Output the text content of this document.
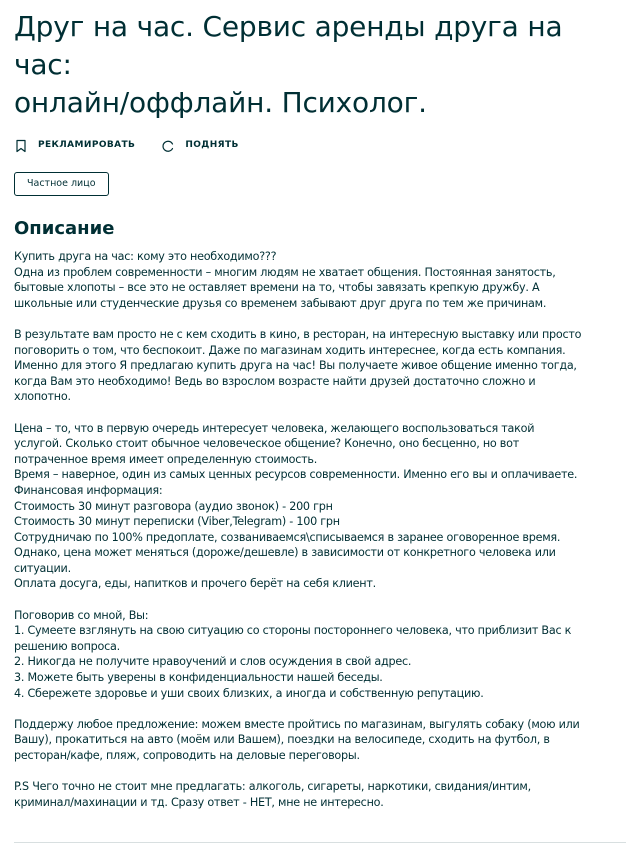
Друг на час. Сервис аренды друга на час:
онлайн/оффлайн. Психолог.
РЕКЛАМИРОВАТЬ	ПОДНЯТЬ
Частное лицо
Описание
Купить друга на час: кому это необходимо???
Одна из проблем современности – многим людям не хватает общения. Постоянная занятость,
бытовые хлопоты – все это не оставляет времени на то, чтобы завязать крепкую дружбу. А
школьные или студенческие друзья со временем забывают друг друга по тем же причинам.
В результате вам просто не с кем сходить в кино, в ресторан, на интересную выставку или просто
поговорить о том, что беспокоит. Даже по магазинам ходить интереснее, когда есть компания.
Именно для этого Я предлагаю купить друга на час! Вы получаете живое общение именно тогда,
когда Вам это необходимо! Ведь во взрослом возрасте найти друзей достаточно сложно и
хлопотно.
Цена – то, что в первую очередь интересует человека, желающего воспользоваться такой
услугой. Сколько стоит обычное человеческое общение? Конечно, оно бесценно, но вот
потраченное время имеет определенную стоимость.
Время – наверное, один из самых ценных ресурсов современности. Именно его вы и оплачиваете.
Финансовая информация:
Стоимость 30 минут разговора (аудио звонок) - 200 грн
Стоимость 30 минут переписки (Viber,Telegram) - 100 грн
Сотрудничаю по 100% предоплате, созваниваемся\списываемся в заранее оговоренное время.
Однако, цена может меняться (дороже/дешевле) в зависимости от конкретного человека или
ситуации.
Оплата досуга, еды, напитков и прочего берёт на себя клиент.
Поговорив со мной, Вы:
1. Сумеете взглянуть на свою ситуацию со стороны постороннего человека, что приблизит Вас к
решению вопроса.
2. Никогда не получите нравоучений и слов осуждения в свой адрес.
3. Можете быть уверены в конфиденциальности нашей беседы.
4. Сбережете здоровье и уши своих близких, а иногда и собственную репутацию.
Поддержу любое предложение: можем вместе пройтись по магазинам, выгулять собаку (мою или
Вашу), прокатиться на авто (моём или Вашем), поездки на велосипеде, сходить на футбол, в
ресторан/кафе, пляж, сопроводить на деловые переговоры.
P.S Чего точно не стоит мне предлагать: алкоголь, сигареты, наркотики, свидания/интим,
криминал/махинации и тд. Сразу ответ - НЕТ, мне не интересно.
